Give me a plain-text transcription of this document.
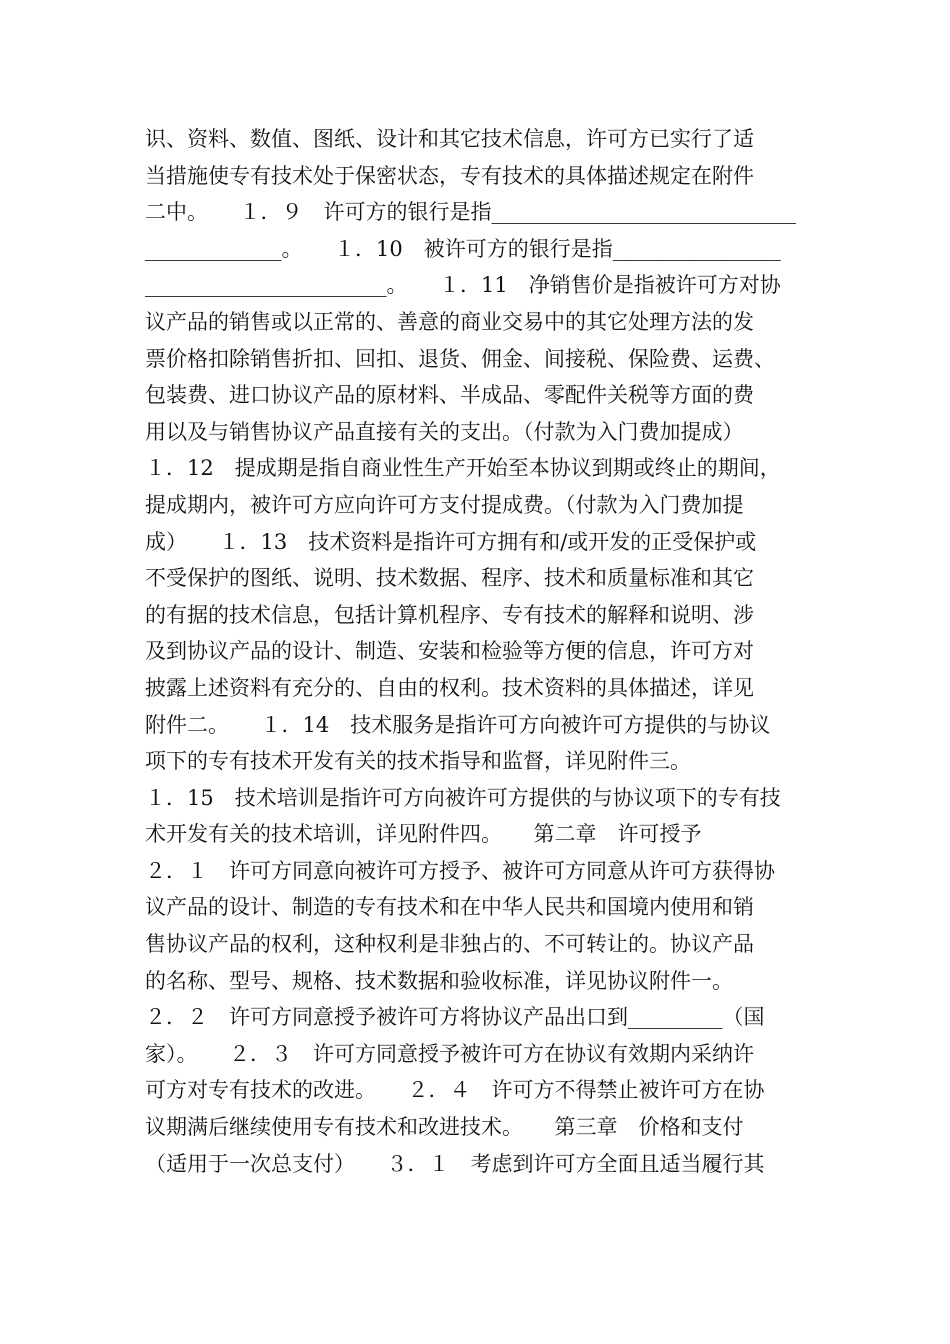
识、资料、数值、图纸、设计和其它技术信息，许可方已实行了适
当措施使专有技术处于保密状态，专有技术的具体描述规定在附件
二中。　　１．９　许可方的银行是指_____________________________
_____________。　　１．10　被许可方的银行是指________________
_______________________。　　１．11　净销售价是指被许可方对协
议产品的销售或以正常的、善意的商业交易中的其它处理方法的发
票价格扣除销售折扣、回扣、退货、佣金、间接税、保险费、运费、
包装费、进口协议产品的原材料、半成品、零配件关税等方面的费
用以及与销售协议产品直接有关的支出。（付款为入门费加提成）
１．12　提成期是指自商业性生产开始至本协议到期或终止的期间，
提成期内，被许可方应向许可方支付提成费。（付款为入门费加提
成）　　１．13　技术资料是指许可方拥有和/或开发的正受保护或
不受保护的图纸、说明、技术数据、程序、技术和质量标准和其它
的有据的技术信息，包括计算机程序、专有技术的解释和说明、涉
及到协议产品的设计、制造、安装和检验等方便的信息，许可方对
披露上述资料有充分的、自由的权利。技术资料的具体描述，详见
附件二。　　１．14　技术服务是指许可方向被许可方提供的与协议
项下的专有技术开发有关的技术指导和监督，详见附件三。
１．15　技术培训是指许可方向被许可方提供的与协议项下的专有技
术开发有关的技术培训，详见附件四。　　第二章　许可授予
２．１　许可方同意向被许可方授予、被许可方同意从许可方获得协
议产品的设计、制造的专有技术和在中华人民共和国境内使用和销
售协议产品的权利，这种权利是非独占的、不可转让的。协议产品
的名称、型号、规格、技术数据和验收标准，详见协议附件一。
２．２　许可方同意授予被许可方将协议产品出口到_________（国
家）。　　２．３　许可方同意授予被许可方在协议有效期内采纳许
可方对专有技术的改进。　　２．４　许可方不得禁止被许可方在协
议期满后继续使用专有技术和改进技术。　　第三章　价格和支付
（适用于一次总支付）　　３．１　考虑到许可方全面且适当履行其
